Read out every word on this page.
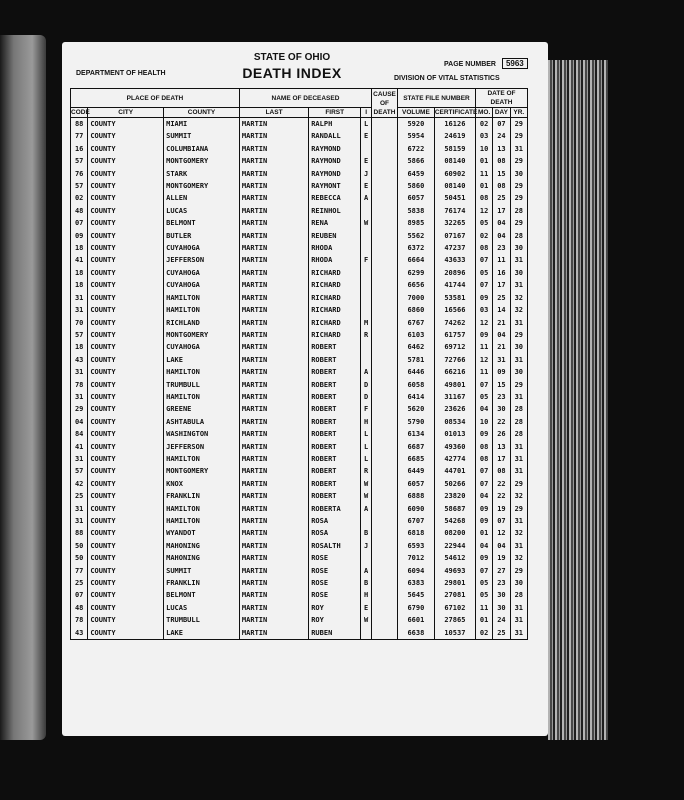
DEPARTMENT OF HEALTH
STATE OF OHIO
DEATH INDEX
PAGE NUMBER 5963
DIVISION OF VITAL STATISTICS
PLACE OF DEATH			NAME OF DECEASED			CAUSE OF DEATH	STATE FILE NUMBER		DATE OF DEATH		
CODE	CITY	COUNTY	LAST	FIRST	I		VOLUME	CERTIFICATE	MO.	DAY	YR.
88	COUNTY	MIAMI	MARTIN	RALPH	L		5920	16126	02	07	29
77	COUNTY	SUMMIT	MARTIN	RANDALL	E		5954	24619	03	24	29
16	COUNTY	COLUMBIANA	MARTIN	RAYMOND			6722	58159	10	13	31
57	COUNTY	MONTGOMERY	MARTIN	RAYMOND	E		5866	08140	01	08	29
76	COUNTY	STARK	MARTIN	RAYMOND	J		6459	60902	11	15	30
57	COUNTY	MONTGOMERY	MARTIN	RAYMONT	E		5860	08140	01	08	29
02	COUNTY	ALLEN	MARTIN	REBECCA	A		6057	50451	08	25	29
48	COUNTY	LUCAS	MARTIN	REINHOL			5838	76174	12	17	28
07	COUNTY	BELMONT	MARTIN	RENA	W		8985	32265	05	04	29
09	COUNTY	BUTLER	MARTIN	REUBEN			5562	07167	02	04	28
18	COUNTY	CUYAHOGA	MARTIN	RHODA			6372	47237	08	23	30
41	COUNTY	JEFFERSON	MARTIN	RHODA	F		6664	43633	07	11	31
18	COUNTY	CUYAHOGA	MARTIN	RICHARD			6299	20896	05	16	30
18	COUNTY	CUYAHOGA	MARTIN	RICHARD			6656	41744	07	17	31
31	COUNTY	HAMILTON	MARTIN	RICHARD			7000	53581	09	25	32
31	COUNTY	HAMILTON	MARTIN	RICHARD			6860	16566	03	14	32
70	COUNTY	RICHLAND	MARTIN	RICHARD	M		6767	74262	12	21	31
57	COUNTY	MONTGOMERY	MARTIN	RICHARD	R		6103	61757	09	04	29
18	COUNTY	CUYAHOGA	MARTIN	ROBERT			6462	69712	11	21	30
43	COUNTY	LAKE	MARTIN	ROBERT			5781	72766	12	31	31
31	COUNTY	HAMILTON	MARTIN	ROBERT	A		6446	66216	11	09	30
78	COUNTY	TRUMBULL	MARTIN	ROBERT	D		6058	49801	07	15	29
31	COUNTY	HAMILTON	MARTIN	ROBERT	D		6414	31167	05	23	31
29	COUNTY	GREENE	MARTIN	ROBERT	F		5620	23626	04	30	28
04	COUNTY	ASHTABULA	MARTIN	ROBERT	H		5790	08534	10	22	28
84	COUNTY	WASHINGTON	MARTIN	ROBERT	L		6134	01013	09	26	28
41	COUNTY	JEFFERSON	MARTIN	ROBERT	L		6687	49360	08	13	31
31	COUNTY	HAMILTON	MARTIN	ROBERT	L		6685	42774	08	17	31
57	COUNTY	MONTGOMERY	MARTIN	ROBERT	R		6449	44701	07	08	31
42	COUNTY	KNOX	MARTIN	ROBERT	W		6057	50266	07	22	29
25	COUNTY	FRANKLIN	MARTIN	ROBERT	W		6888	23820	04	22	32
31	COUNTY	HAMILTON	MARTIN	ROBERTA	A		6090	58687	09	19	29
31	COUNTY	HAMILTON	MARTIN	ROSA			6707	54268	09	07	31
88	COUNTY	WYANDOT	MARTIN	ROSA	B		6818	08200	01	12	32
50	COUNTY	MAHONING	MARTIN	ROSALTH	J		6593	22944	04	04	31
50	COUNTY	MAHONING	MARTIN	ROSE			7012	54612	09	19	32
77	COUNTY	SUMMIT	MARTIN	ROSE	A		6094	49693	07	27	29
25	COUNTY	FRANKLIN	MARTIN	ROSE	B		6383	29801	05	23	30
07	COUNTY	BELMONT	MARTIN	ROSE	H		5645	27081	05	30	28
48	COUNTY	LUCAS	MARTIN	ROY	E		6790	67102	11	30	31
78	COUNTY	TRUMBULL	MARTIN	ROY	W		6601	27865	01	24	31
43	COUNTY	LAKE	MARTIN	RUBEN			6638	10537	02	25	31
